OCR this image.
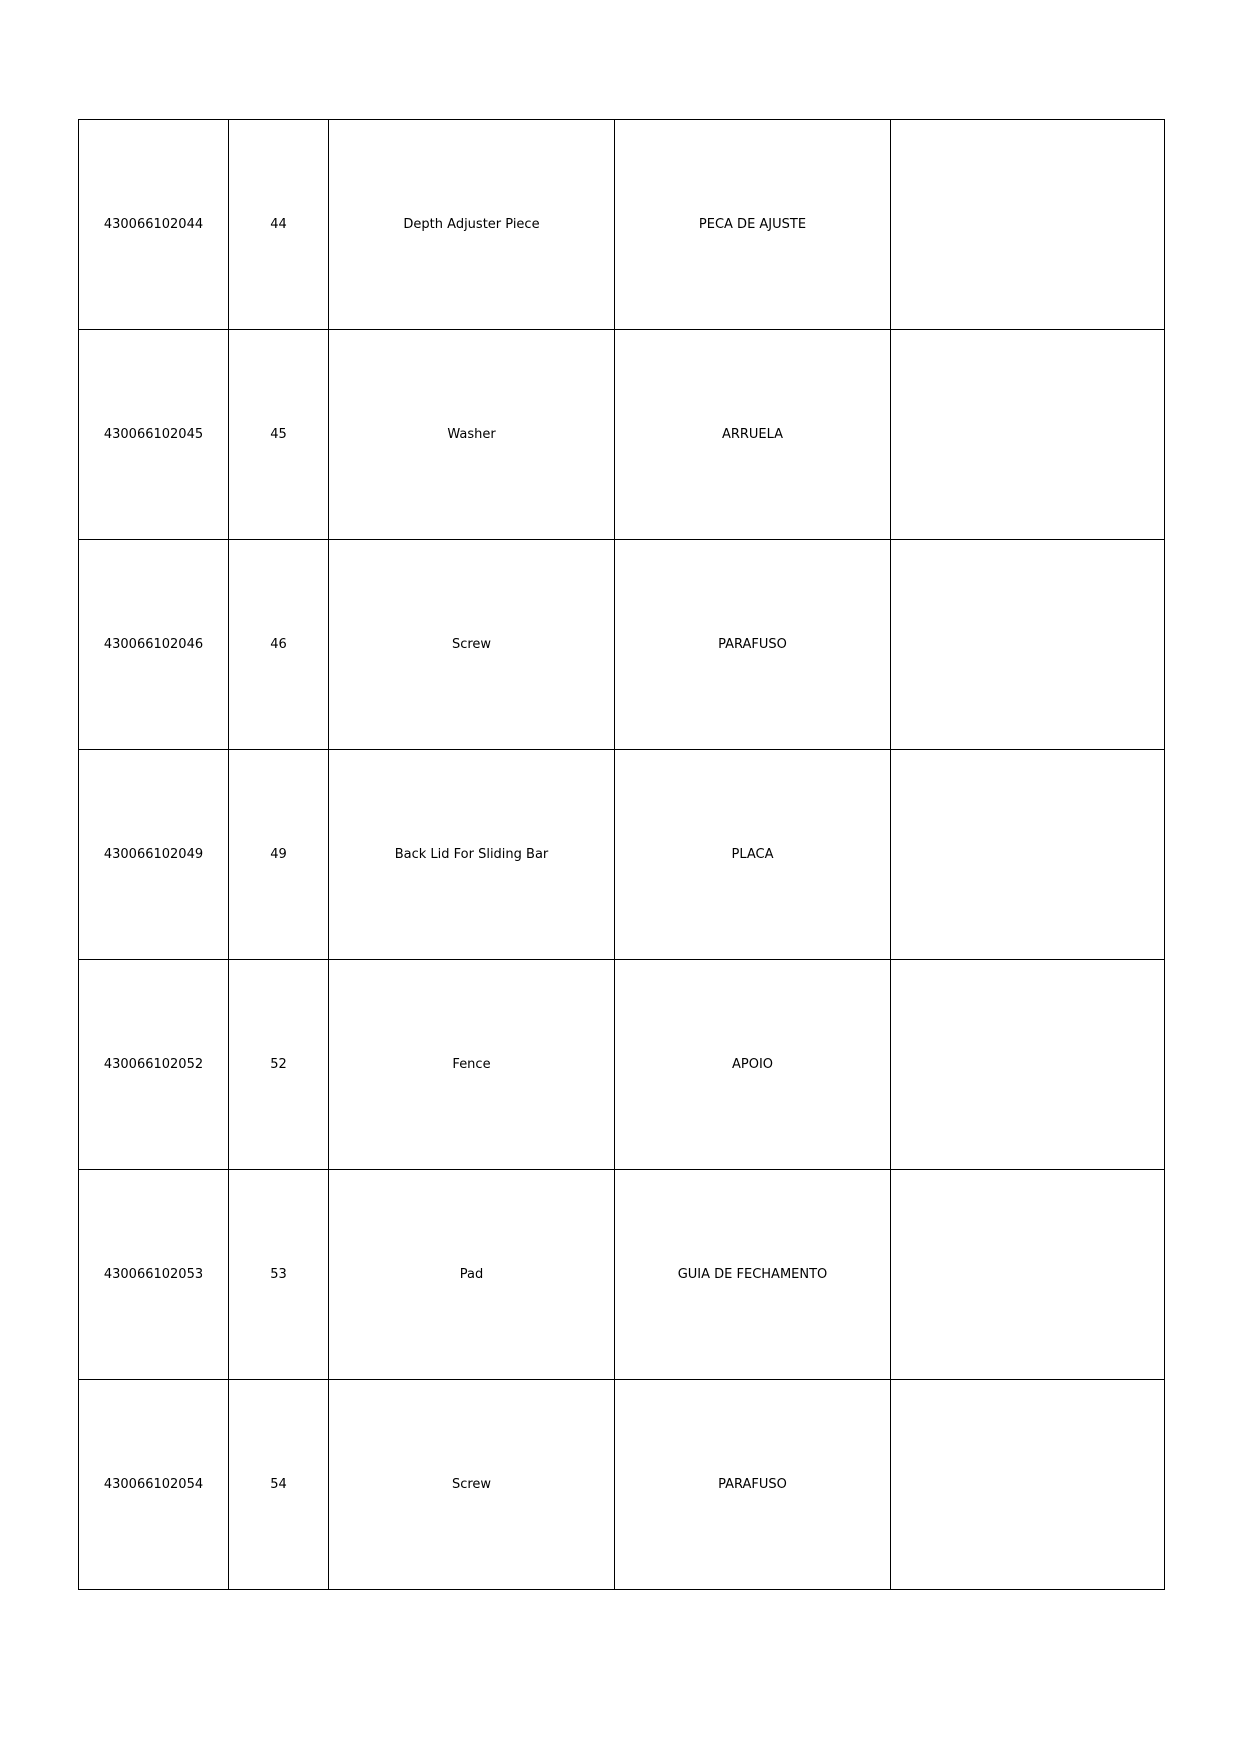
430066102044	44	Depth Adjuster Piece	PECA DE AJUSTE	
430066102045	45	Washer	ARRUELA	
430066102046	46	Screw	PARAFUSO	
430066102049	49	Back Lid For Sliding Bar	PLACA	
430066102052	52	Fence	APOIO	
430066102053	53	Pad	GUIA DE FECHAMENTO	
430066102054	54	Screw	PARAFUSO	
